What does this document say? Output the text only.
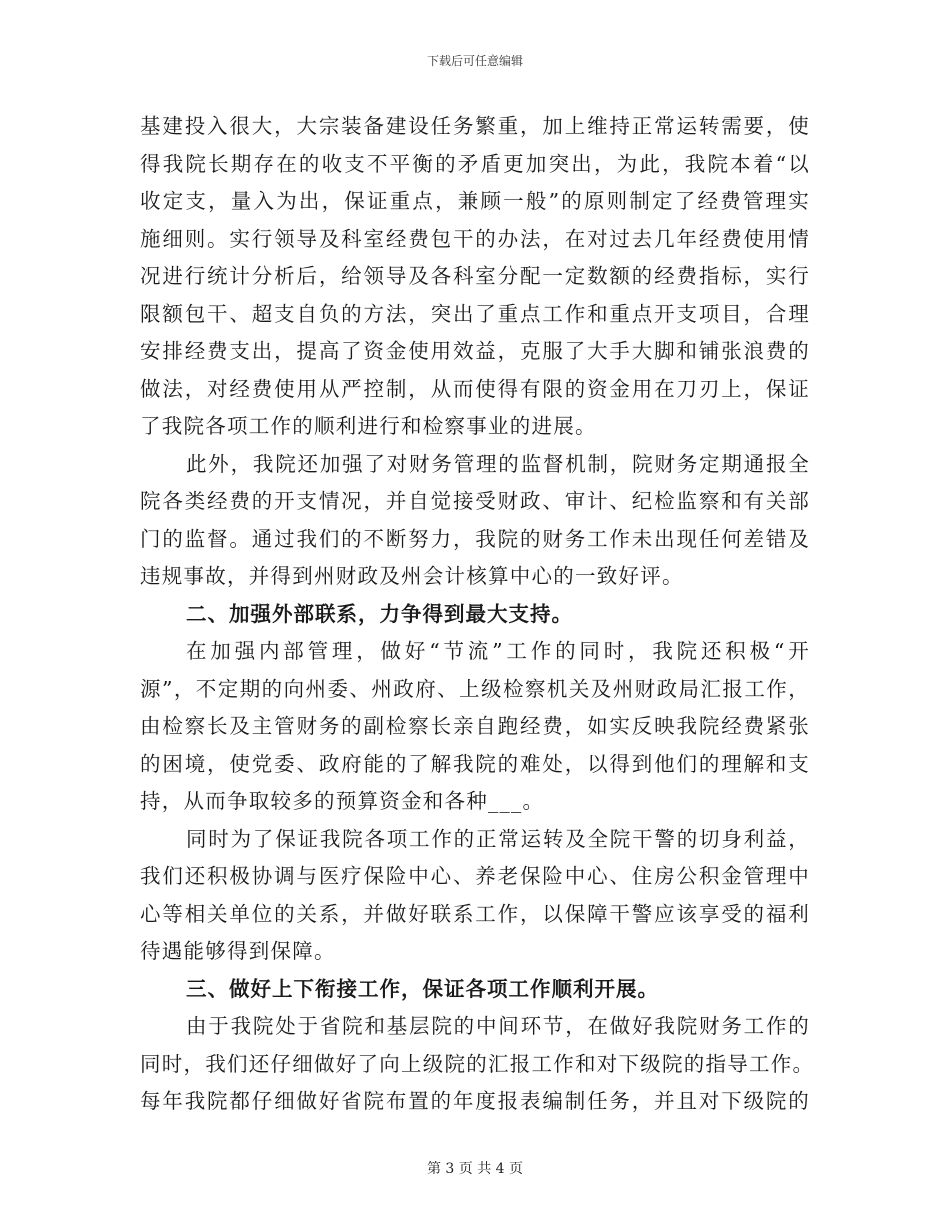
下载后可任意编辑
基建投入很大，大宗装备建设任务繁重，加上维持正常运转需要，使
得我院长期存在的收支不平衡的矛盾更加突出，为此，我院本着“以
收定支，量入为出，保证重点，兼顾一般”的原则制定了经费管理实
施细则。实行领导及科室经费包干的办法，在对过去几年经费使用情
况进行统计分析后，给领导及各科室分配一定数额的经费指标，实行
限额包干、超支自负的方法，突出了重点工作和重点开支项目，合理
安排经费支出，提高了资金使用效益，克服了大手大脚和铺张浪费的
做法，对经费使用从严控制，从而使得有限的资金用在刀刃上，保证
了我院各项工作的顺利进行和检察事业的进展。
此外，我院还加强了对财务管理的监督机制，院财务定期通报全
院各类经费的开支情况，并自觉接受财政、审计、纪检监察和有关部
门的监督。通过我们的不断努力，我院的财务工作未出现任何差错及
违规事故，并得到州财政及州会计核算中心的一致好评。
二、加强外部联系，力争得到最大支持。
在加强内部管理，做好“节流”工作的同时，我院还积极“开
源”，不定期的向州委、州政府、上级检察机关及州财政局汇报工作，
由检察长及主管财务的副检察长亲自跑经费，如实反映我院经费紧张
的困境，使党委、政府能的了解我院的难处，以得到他们的理解和支
持，从而争取较多的预算资金和各种___。
同时为了保证我院各项工作的正常运转及全院干警的切身利益，
我们还积极协调与医疗保险中心、养老保险中心、住房公积金管理中
心等相关单位的关系，并做好联系工作，以保障干警应该享受的福利
待遇能够得到保障。
三、做好上下衔接工作，保证各项工作顺利开展。
由于我院处于省院和基层院的中间环节，在做好我院财务工作的
同时，我们还仔细做好了向上级院的汇报工作和对下级院的指导工作。
每年我院都仔细做好省院布置的年度报表编制任务，并且对下级院的
第 3 页 共 4 页
